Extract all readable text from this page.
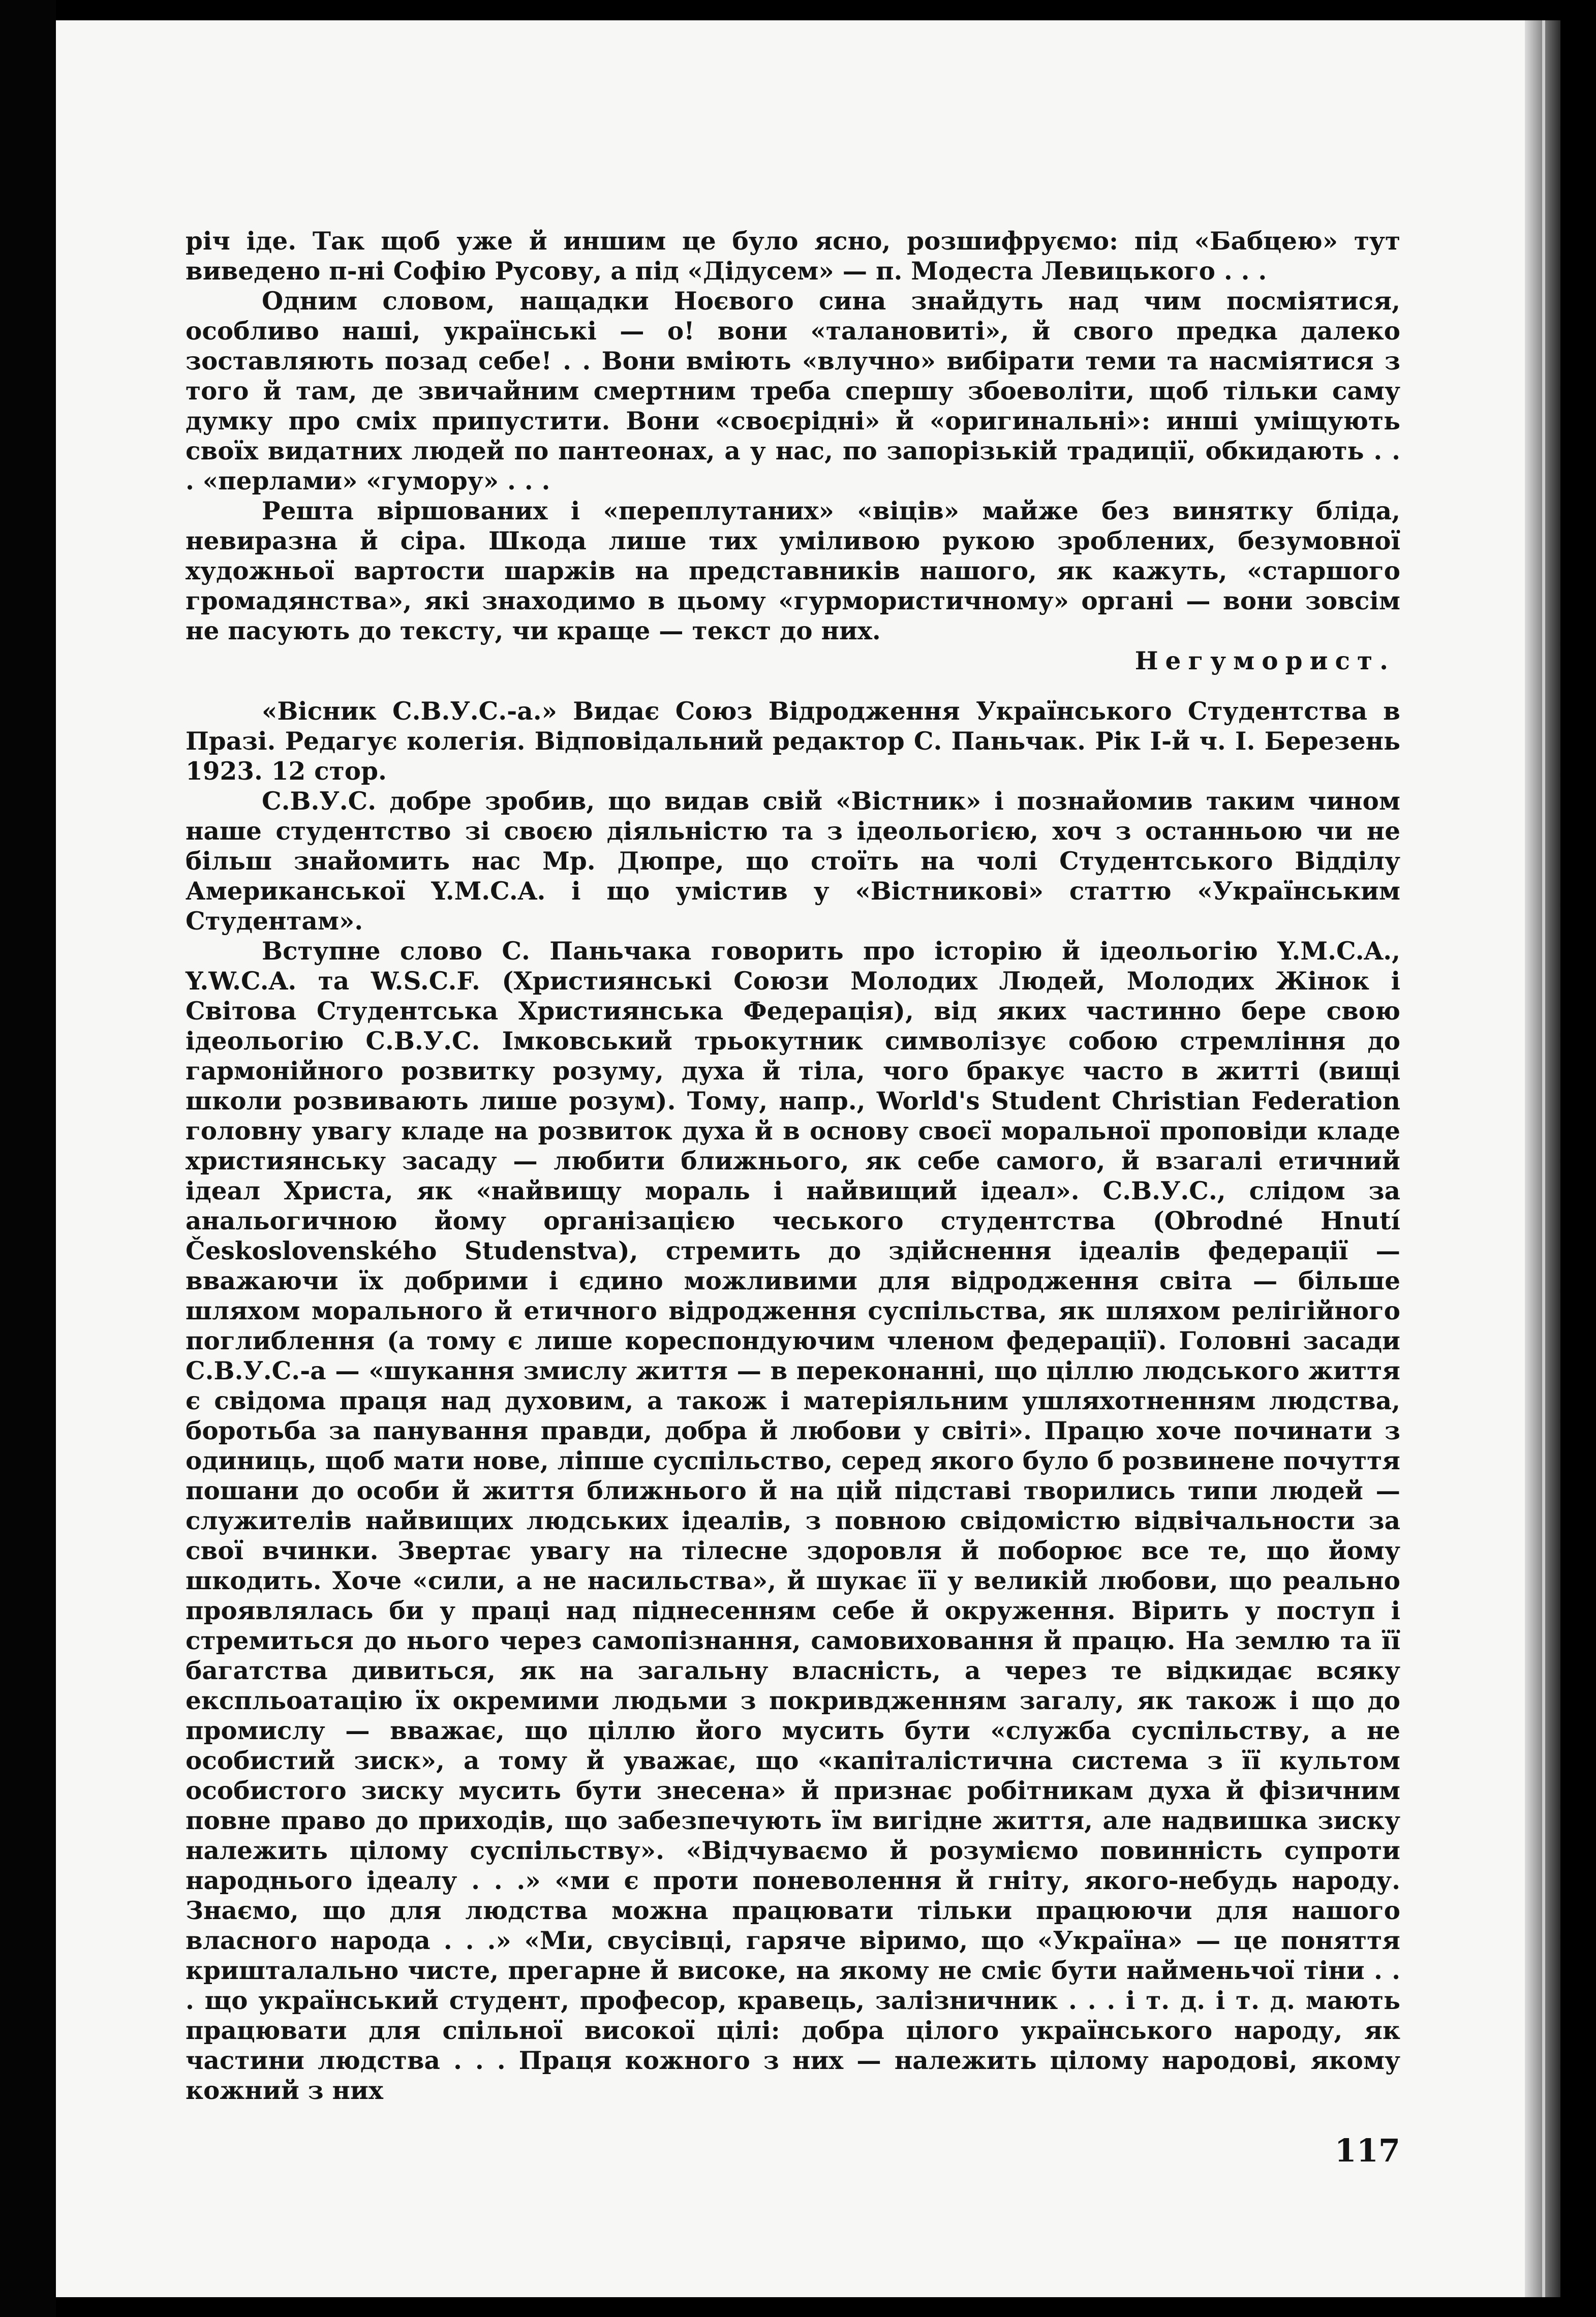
річ іде. Так щоб уже й иншим це було ясно, розшифруємо: під «Бабцею» тут виведено п-ні Софію Русову, а під «Дідусем» — п. Модеста Левицького . . .

Одним словом, нащадки Ноєвого сина знайдуть над чим посміятися, особливо наші, українські — о! вони «талановиті», й свого предка далеко зоставляють позад себе! . . Вони вміють «влучно» вибірати теми та насміятися з того й там, де звичайним смертним треба спершу збоеволіти, щоб тільки саму думку про сміх припустити. Вони «своєрідні» й «оригинальні»: инші уміщують своїх видатних людей по пантеонах, а у нас, по запорізькій традиції, обкидають . . . «перлами» «гумору» . . .

Решта віршованих і «переплутаних» «віців» майже без винятку бліда, невиразна й сіра. Шкода лише тих уміливою рукою зроблених, безумовної художньої вартости шаржів на представників нашого, як кажуть, «старшого громадянства», які знаходимо в цьому «гурмористичному» органі — вони зовсім не пасують до тексту, чи краще — текст до них.

Негуморист.

«Вісник С.В.У.С.-а.» Видає Союз Відродження Українського Студентства в Празі. Редагує колегія. Відповідальний редактор С. Паньчак. Рік І-й ч. І. Березень 1923. 12 стор.

С.В.У.С. добре зробив, що видав свій «Вістник» і познайомив таким чином наше студентство зі своєю діяльністю та з ідеольогією, хоч з останньою чи не більш знайомить нас Мр. Дюпре, що стоїть на чолі Студентського Відділу Американської Y.M.C.A. і що умістив у «Вістникові» статтю «Українським Студентам».

Вступне слово С. Паньчака говорить про історію й ідеольогію Y.M.C.A., Y.W.C.A. та W.S.C.F. (Християнські Союзи Молодих Людей, Молодих Жінок і Світова Студентська Християнська Федерація), від яких частинно бере свою ідеольогію С.В.У.С. Імковський трьокутник символізує собою стремління до гармонійного розвитку розуму, духа й тіла, чого бракує часто в житті (вищі школи розвивають лише розум). Тому, напр., World's Student Christian Federation головну увагу кладе на розвиток духа й в основу своєї моральної проповіди кладе християнську засаду — любити ближнього, як себе самого, й взагалі етичний ідеал Христа, як «найвищу мораль і найвищий ідеал». С.В.У.С., слідом за анальогичною йому організацією чеського студентства (Obrodné Hnutí Československého Studenstva), стремить до здійснення ідеалів федерації — вважаючи їх добрими і єдино можливими для відродження світа — більше шляхом морального й етичного відродження суспільства, як шляхом релігійного поглиблення (а тому є лише кореспондуючим членом федерації). Головні засади С.В.У.С.-а — «шукання змислу життя — в переконанні, що ціллю людського життя є свідома праця над духовим, а також і матеріяльним ушляхотненням людства, боротьба за панування правди, добра й любови у світі». Працю хоче починати з одиниць, щоб мати нове, ліпше суспільство, серед якого було б розвинене почуття пошани до особи й життя ближнього й на цій підставі творились типи людей — служителів найвищих людських ідеалів, з повною свідомістю відвічальности за свої вчинки. Звертає увагу на тілесне здоровля й поборює все те, що йому шкодить. Хоче «сили, а не насильства», й шукає її у великій любови, що реально проявлялась би у праці над піднесенням себе й окруження. Вірить у поступ і стремиться до нього через самопізнання, самовиховання й працю. На землю та її багатства дивиться, як на загальну власність, а через те відкидає всяку експльоатацію їх окремими людьми з покривдженням загалу, як також і що до промислу — вважає, що ціллю його мусить бути «служба суспільству, а не особистий зиск», а тому й уважає, що «капіталістична система з її культом особистого зиску мусить бути знесена» й признає робітникам духа й фізичним повне право до приходів, що забезпечують їм вигідне життя, але надвишка зиску належить цілому суспільству». «Відчуваємо й розуміємо повинність супроти народнього ідеалу . . .» «ми є проти поневолення й гніту, якого-небудь народу. Знаємо, що для людства можна працювати тільки працюючи для нашого власного народа . . .» «Ми, свусівці, гаряче віримо, що «Україна» — це поняття кришталально чисте, прегарне й високе, на якому не сміє бути найменьчої тіни . . . що український студент, професор, кравець, залізничник . . . і т. д. і т. д. мають працювати для спільної високої цілі: добра цілого українського народу, як частини людства . . . Праця кожного з них — належить цілому народові, якому кожний з них

117
